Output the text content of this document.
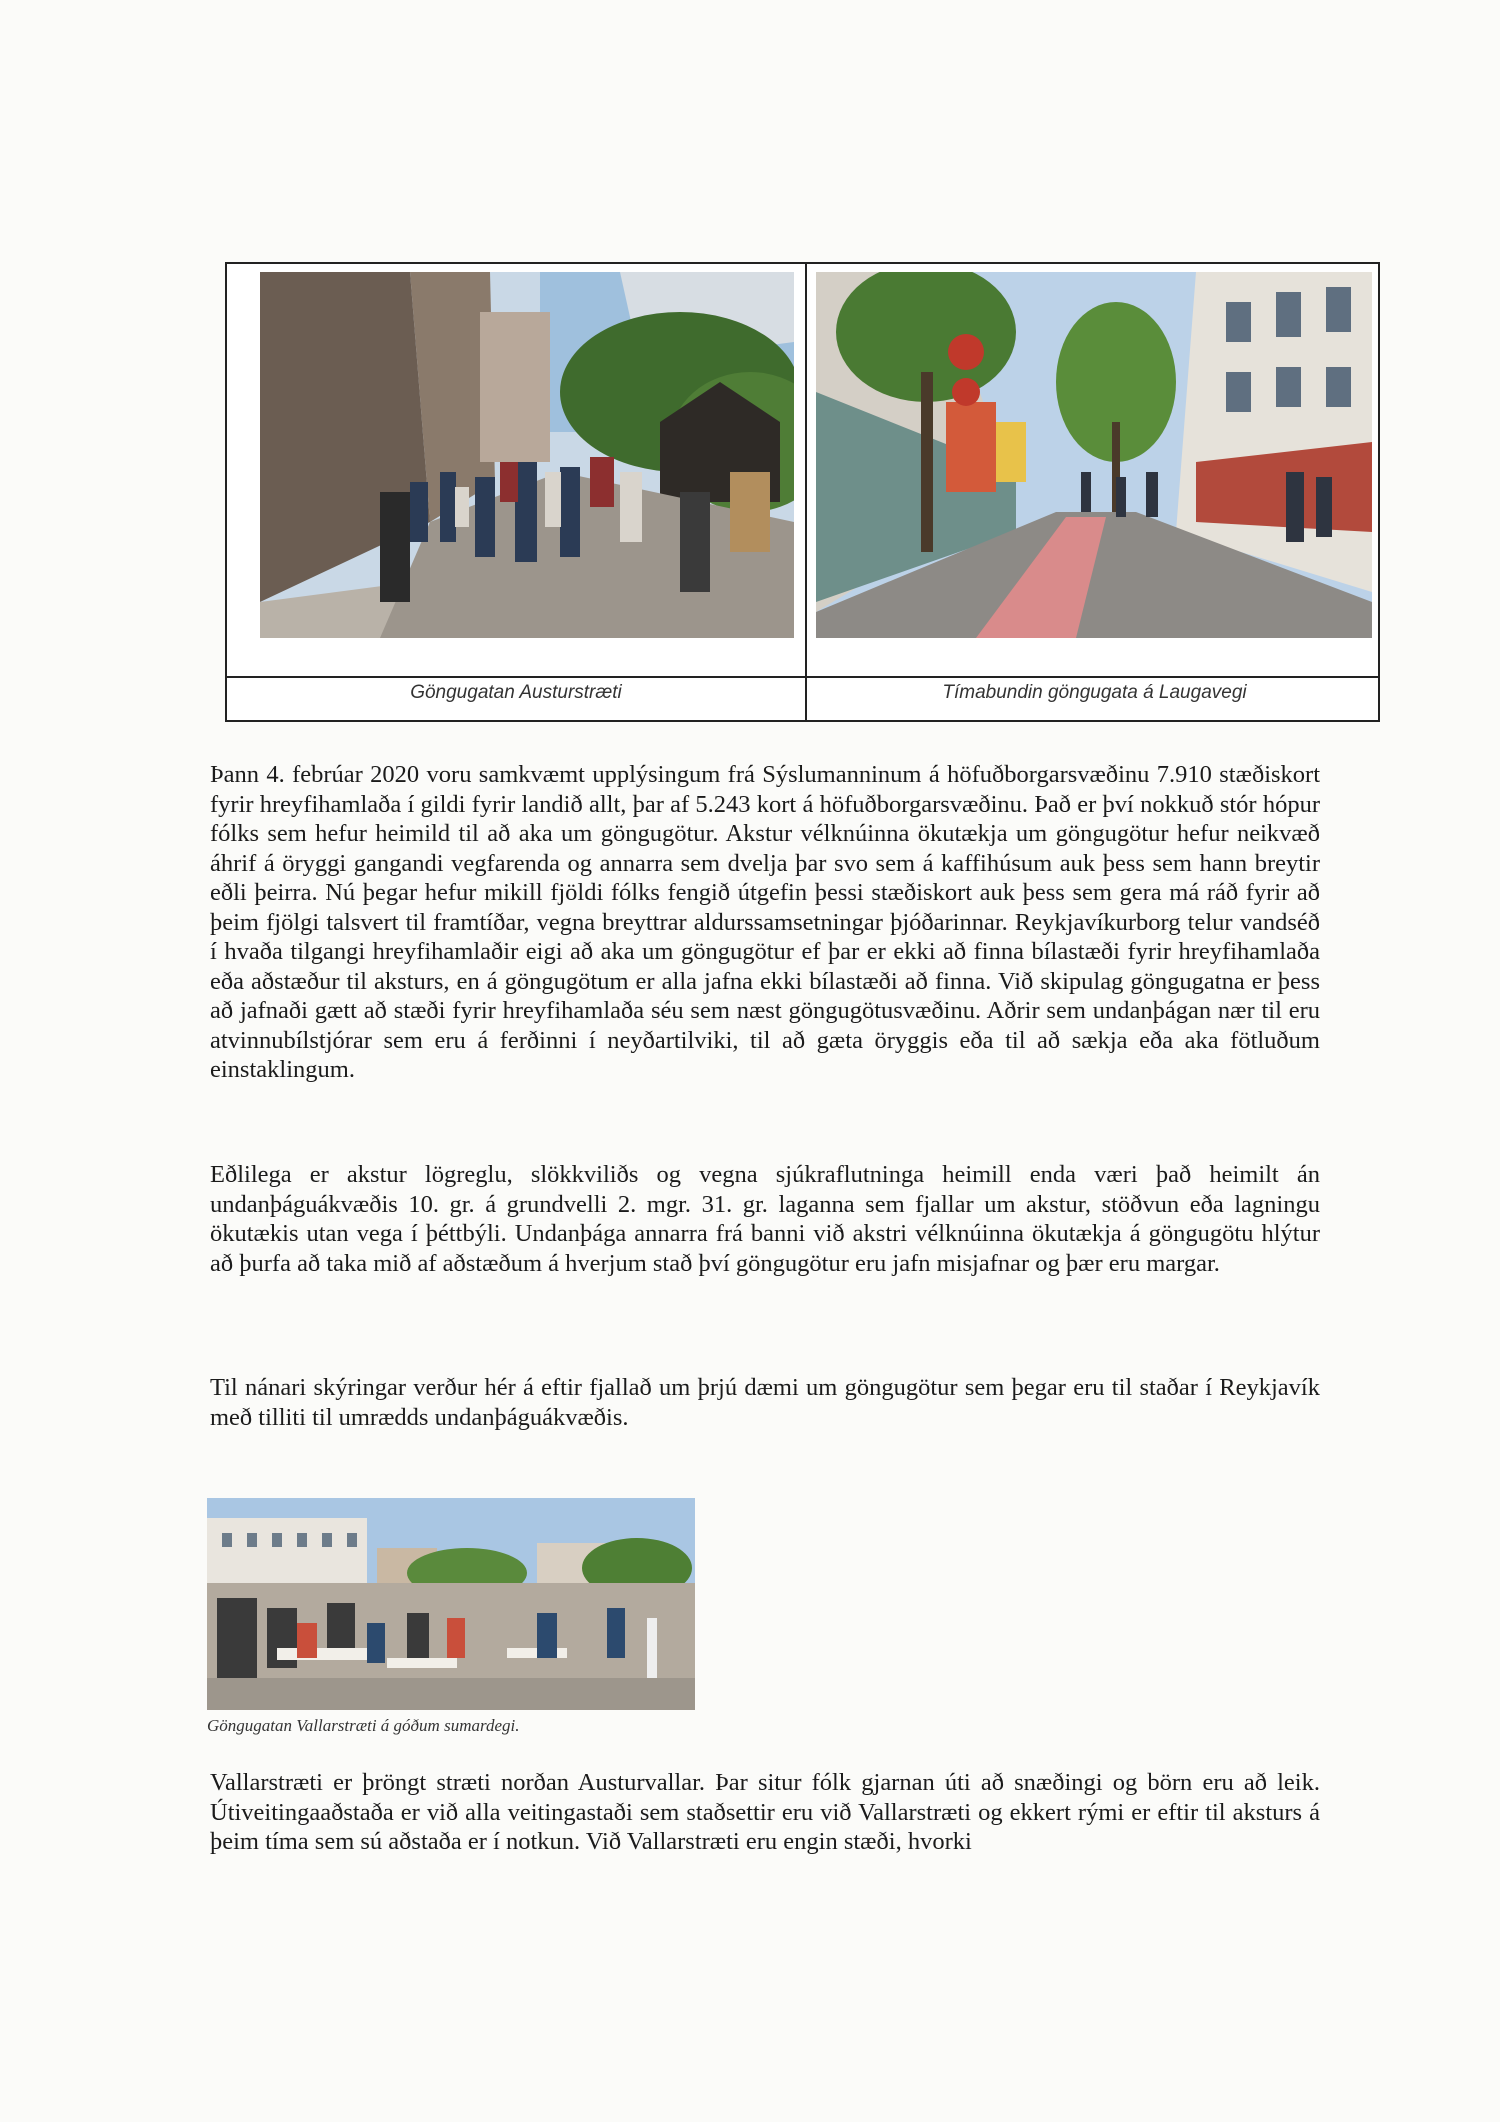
Göngugatan Austurstræti	Tímabundin göngugata á Laugavegi

Þann 4. febrúar 2020 voru samkvæmt upplýsingum frá Sýslumanninum á höfuðborgarsvæðinu 7.910 stæðiskort fyrir hreyfihamlaða í gildi fyrir landið allt, þar af 5.243 kort á höfuðborgarsvæðinu. Það er því nokkuð stór hópur fólks sem hefur heimild til að aka um göngugötur. Akstur vélknúinna ökutækja um göngugötur hefur neikvæð áhrif á öryggi gangandi vegfarenda og annarra sem dvelja þar svo sem á kaffihúsum auk þess sem hann breytir eðli þeirra. Nú þegar hefur mikill fjöldi fólks fengið útgefin þessi stæðiskort auk þess sem gera má ráð fyrir að þeim fjölgi talsvert til framtíðar, vegna breyttrar aldurssamsetningar þjóðarinnar. Reykjavíkurborg telur vandséð í hvaða tilgangi hreyfihamlaðir eigi að aka um göngugötur ef þar er ekki að finna bílastæði fyrir hreyfihamlaða eða aðstæður til aksturs, en á göngugötum er alla jafna ekki bílastæði að finna. Við skipulag göngugatna er þess að jafnaði gætt að stæði fyrir hreyfihamlaða séu sem næst göngugötusvæðinu. Aðrir sem undanþágan nær til eru atvinnubílstjórar sem eru á ferðinni í neyðartilviki, til að gæta öryggis eða til að sækja eða aka fötluðum einstaklingum.

Eðlilega er akstur lögreglu, slökkviliðs og vegna sjúkraflutninga heimill enda væri það heimilt án undanþáguákvæðis 10. gr. á grundvelli 2. mgr. 31. gr. laganna sem fjallar um akstur, stöðvun eða lagningu ökutækis utan vega í þéttbýli. Undanþága annarra frá banni við akstri vélknúinna ökutækja á göngugötu hlýtur að þurfa að taka mið af aðstæðum á hverjum stað því göngugötur eru jafn misjafnar og þær eru margar.

Til nánari skýringar verður hér á eftir fjallað um þrjú dæmi um göngugötur sem þegar eru til staðar í Reykjavík með tilliti til umrædds undanþáguákvæðis.

Göngugatan Vallarstræti á góðum sumardegi.

Vallarstræti er þröngt stræti norðan Austurvallar. Þar situr fólk gjarnan úti að snæðingi og börn eru að leik. Útiveitingaaðstaða er við alla veitingastaði sem staðsettir eru við Vallarstræti og ekkert rými er eftir til aksturs á þeim tíma sem sú aðstaða er í notkun. Við Vallarstræti eru engin stæði, hvorki
